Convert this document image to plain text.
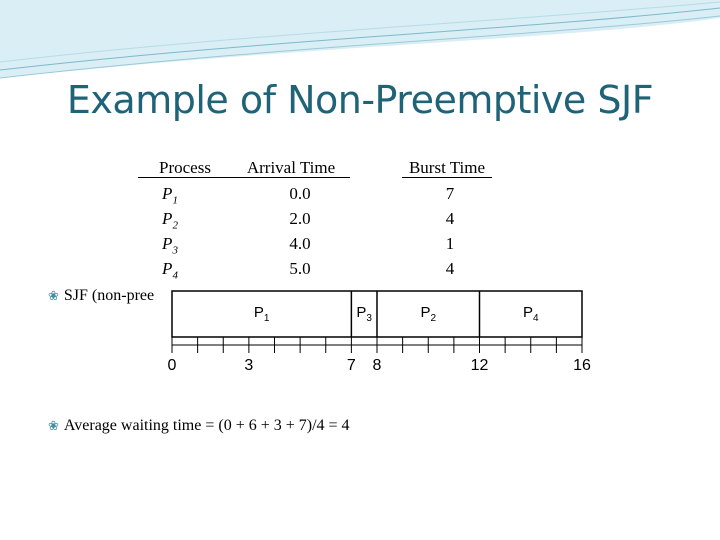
Example of Non-Preemptive SJF
Process	Arrival Time	Burst Time
$P_1$	0.0	7
$P_2$	2.0	4
$P_3$	4.0	1
$P_4$	5.0	4
❀ SJF (non-pree
$P_1$	$P_3$	$P_2$	$P_4$
0	3	7 8	12	16
❀ Average waiting time = (0 + 6 + 3 + 7)/4 = 4
